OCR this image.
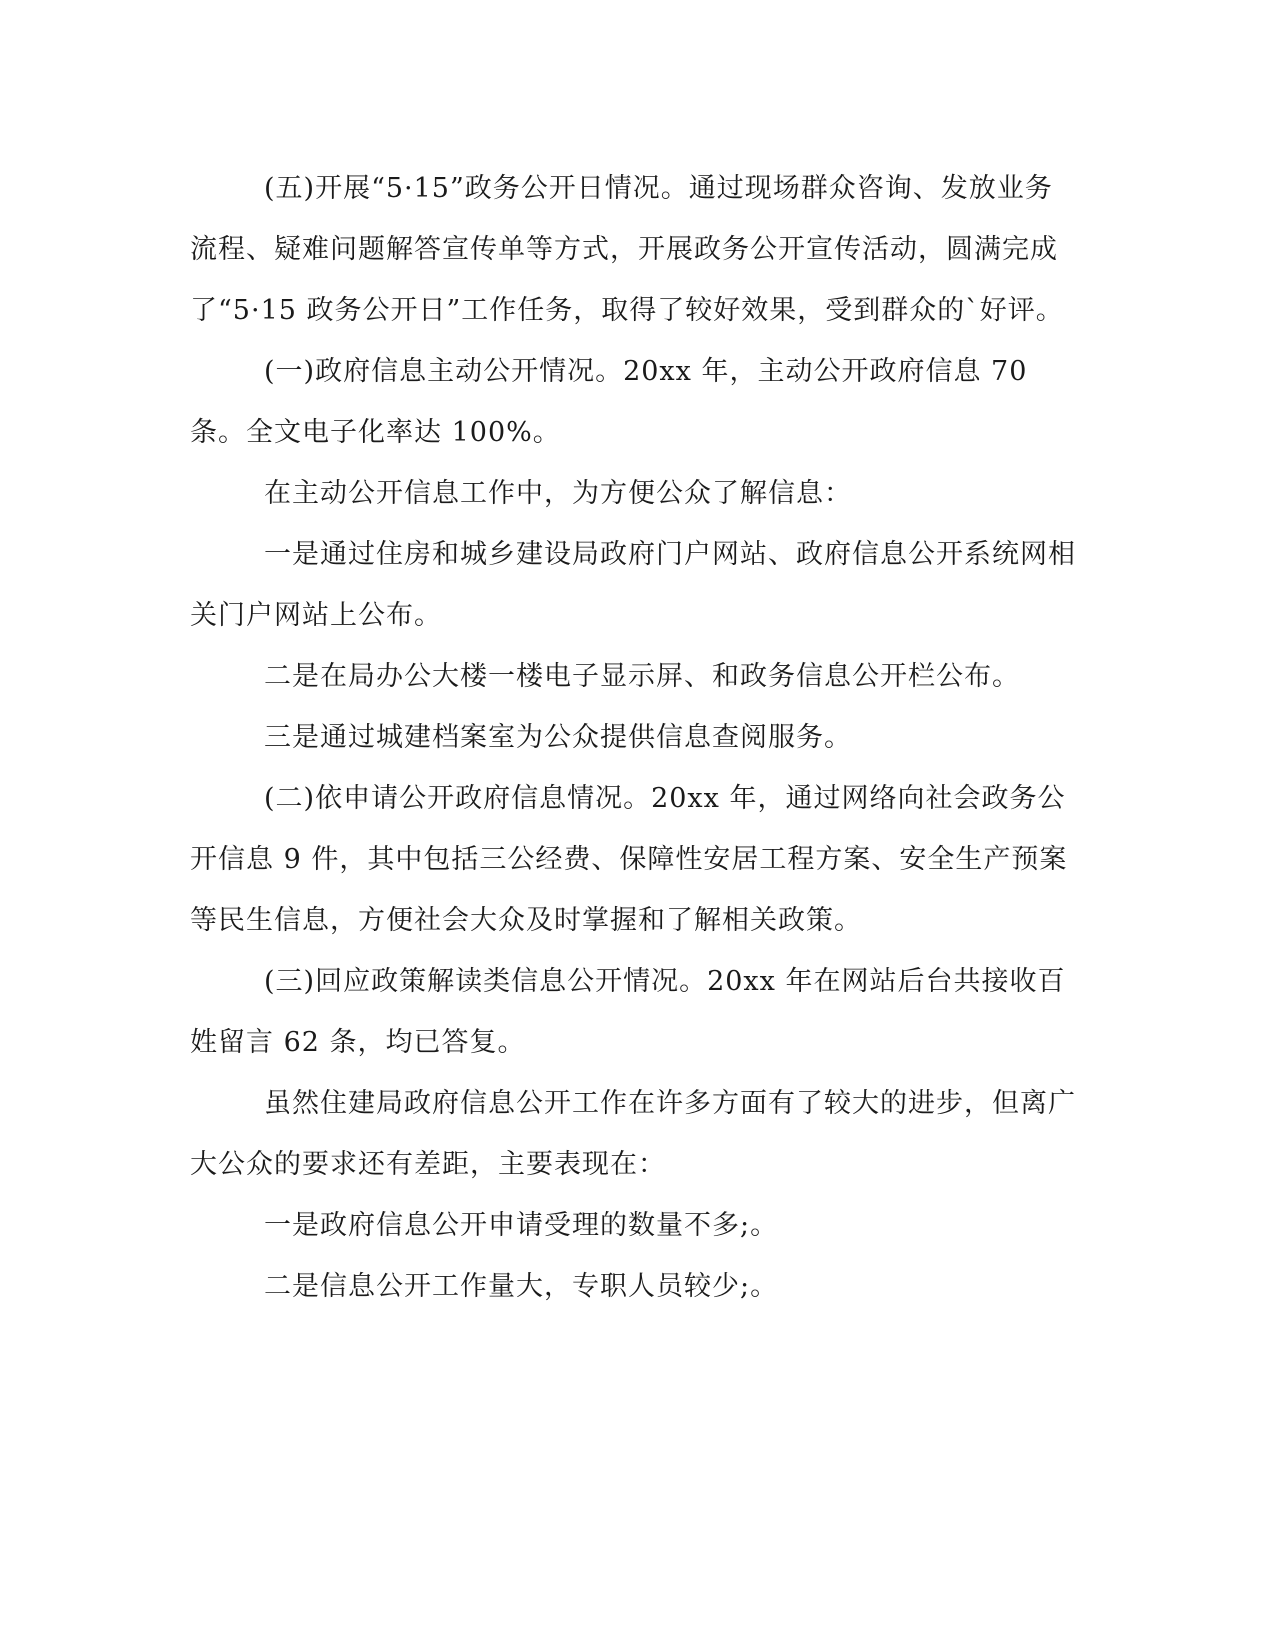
(五)开展“5·15”政务公开日情况。通过现场群众咨询、发放业务流程、疑难问题解答宣传单等方式，开展政务公开宣传活动，圆满完成了“5·15 政务公开日”工作任务，取得了较好效果，受到群众的`好评。

(一)政府信息主动公开情况。20xx 年，主动公开政府信息 70 条。全文电子化率达 100%。

在主动公开信息工作中，为方便公众了解信息：

一是通过住房和城乡建设局政府门户网站、政府信息公开系统网相关门户网站上公布。

二是在局办公大楼一楼电子显示屏、和政务信息公开栏公布。

三是通过城建档案室为公众提供信息查阅服务。

(二)依申请公开政府信息情况。20xx 年，通过网络向社会政务公开信息 9 件，其中包括三公经费、保障性安居工程方案、安全生产预案等民生信息，方便社会大众及时掌握和了解相关政策。

(三)回应政策解读类信息公开情况。20xx 年在网站后台共接收百姓留言 62 条，均已答复。

虽然住建局政府信息公开工作在许多方面有了较大的进步，但离广大公众的要求还有差距，主要表现在：

一是政府信息公开申请受理的数量不多;。

二是信息公开工作量大，专职人员较少;。
